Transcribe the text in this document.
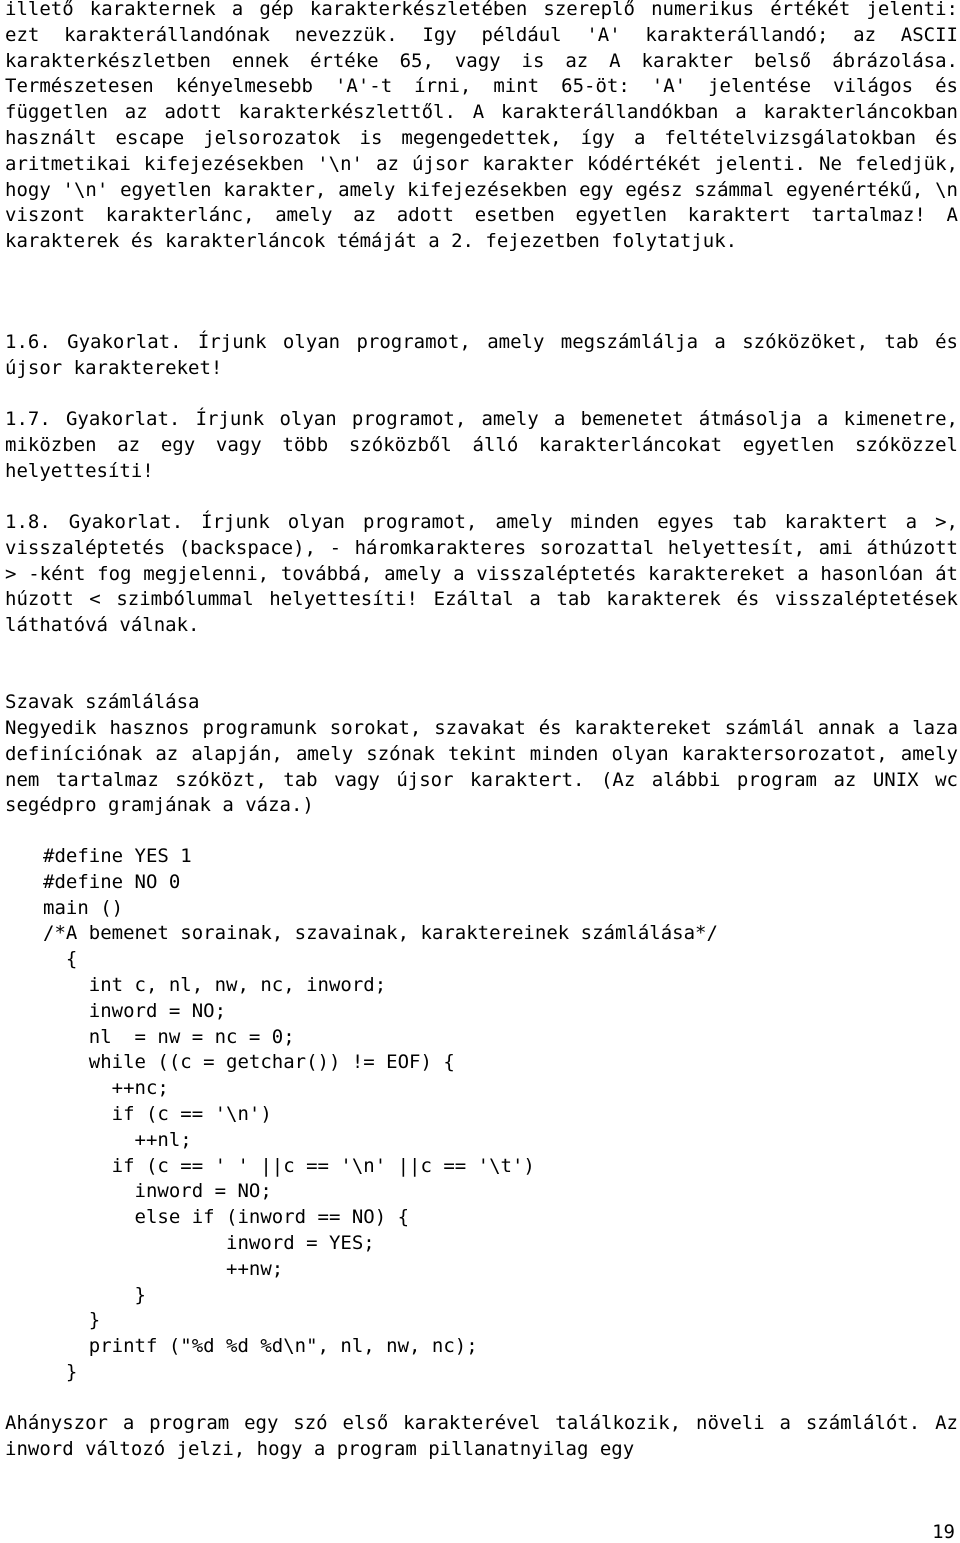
illető karakternek a gép karakterkészletében szereplő numerikus értékét jelenti: ezt karakterállandónak nevezzük. Igy például 'A' karakterállandó; az ASCII karakterkészletben ennek értéke 65, vagy is az A karakter belső ábrázolása. Természetesen kényelmesebb 'A'-t írni, mint 65-öt: 'A' jelentése világos és független az adott karakterkészlettől. A karakterállandókban a karakterláncokban használt escape jelsorozatok is megengedettek, így a feltételvizsgálatokban és aritmetikai kifejezésekben '\n' az újsor karakter kódértékét jelenti. Ne feledjük, hogy '\n' egyetlen karakter, amely kifejezésekben egy egész számmal egyenértékű, \n viszont karakterlánc, amely az adott esetben egyetlen karaktert tartalmaz! A karakterek és karakterláncok témáját a 2. fejezetben folytatjuk.

1.6. Gyakorlat. Írjunk olyan programot, amely megszámlálja a szóközöket, tab és újsor karaktereket!

1.7. Gyakorlat. Írjunk olyan programot, amely a bemenetet átmásolja a kimenetre, miközben az egy vagy több szóközből álló karakterláncokat egyetlen szóközzel helyettesíti!

1.8. Gyakorlat. Írjunk olyan programot, amely minden egyes tab karaktert a >, visszaléptetés (backspace), - háromkarakteres sorozattal helyettesít, ami áthúzott > -ként fog megjelenni, továbbá, amely a visszaléptetés karaktereket a hasonlóan át húzott < szimbólummal helyettesíti! Ezáltal a tab karakterek és visszaléptetések láthatóvá válnak.

Szavak számlálása

Negyedik hasznos programunk sorokat, szavakat és karaktereket számlál annak a laza definíciónak az alapján, amely szónak tekint minden olyan karaktersorozatot, amely nem tartalmaz szóközt, tab vagy újsor karaktert. (Az alábbi program az UNIX wc segédpro gramjának a váza.)

#define YES 1
#define NO 0
main ()
/*A bemenet sorainak, szavainak, karaktereinek számlálása*/
{
int c, nl, nw, nc, inword;
inword = NO;
nl  = nw = nc = 0;
while ((c = getchar()) != EOF) {
++nc;
if (c == '\n')
++nl;
if (c == ' ' ||c == '\n' ||c == '\t')
inword = NO;
else if (inword == NO) {
inword = YES;
++nw;
}
}
printf ("%d %d %d\n", nl, nw, nc);
}

Ahányszor a program egy szó első karakterével találkozik, növeli a számlálót. Az inword változó jelzi, hogy a program pillanatnyilag egy

19
